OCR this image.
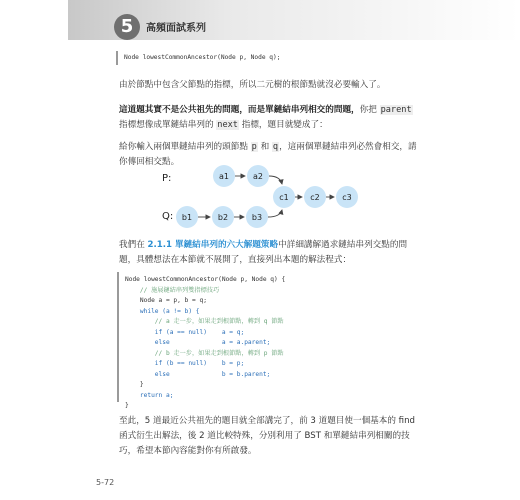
5	高頻面試系列
Node lowestCommonAncestor(Node p, Node q);
由於節點中包含父節點的指標，所以二元樹的根節點就沒必要輸入了。
這道題其實不是公共祖先的問題，而是單鏈結串列相交的問題，你把 parent 指標想像成單鏈結串列的 next 指標，題目就變成了：
給你輸入兩個單鏈結串列的頭節點 p 和 q，這兩個單鏈結串列必然會相交，請你傳回相交點。
P:
Q:
a1	a2
b1	b2	b3
c1	c2	c3
我們在 2.1.1 單鏈結串列的六大解題策略中詳細講解過求鏈結串列交點的問題，具體想法在本節就不展開了，直接列出本題的解法程式：
Node lowestCommonAncestor(Node p, Node q) {
// 施展鏈結串列雙指標技巧
Node a = p, b = q;
while (a != b) {
// a 走一步，如果走到根節點，轉到 q 節點
if (a == null)    a = q;
else              a = a.parent;
// b 走一步，如果走到根節點，轉到 p 節點
if (b == null)    b = p;
else              b = b.parent;
}
return a;
}
至此，5 道最近公共祖先的題目就全部講完了，前 3 道題目使一個基本的 find 函式衍生出解法，後 2 道比較特殊，分別利用了 BST 和單鏈結串列相關的技巧，希望本節內容能對你有所啟發。
5-72
